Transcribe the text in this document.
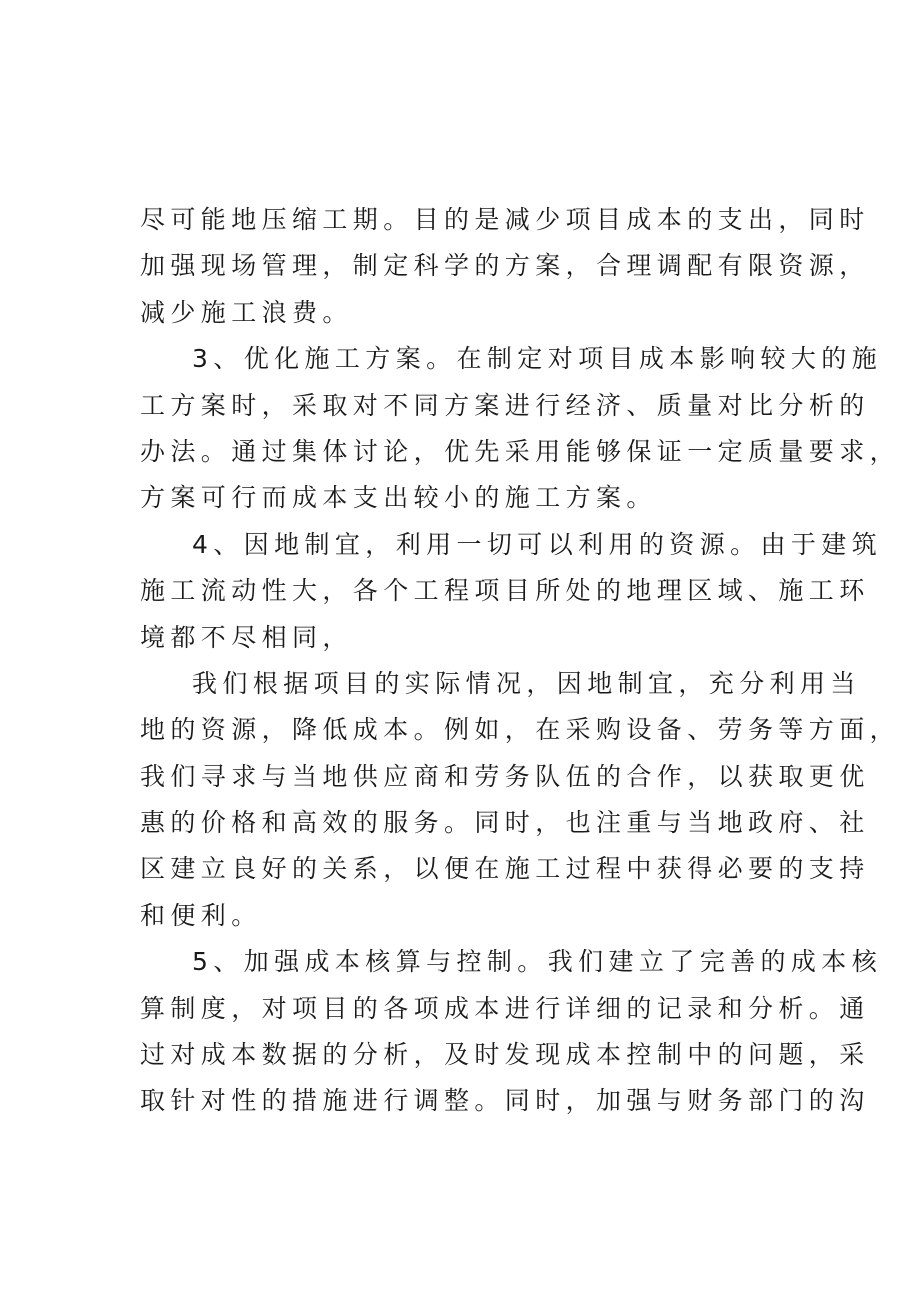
尽可能地压缩工期。目的是减少项目成本的支出，同时
加强现场管理，制定科学的方案，合理调配有限资源，
减少施工浪费。
3、优化施工方案。在制定对项目成本影响较大的施
工方案时，采取对不同方案进行经济、质量对比分析的
办法。通过集体讨论，优先采用能够保证一定质量要求，
方案可行而成本支出较小的施工方案。
4、因地制宜，利用一切可以利用的资源。由于建筑
施工流动性大，各个工程项目所处的地理区域、施工环
境都不尽相同，
我们根据项目的实际情况，因地制宜，充分利用当
地的资源，降低成本。例如，在采购设备、劳务等方面，
我们寻求与当地供应商和劳务队伍的合作，以获取更优
惠的价格和高效的服务。同时，也注重与当地政府、社
区建立良好的关系，以便在施工过程中获得必要的支持
和便利。
5、加强成本核算与控制。我们建立了完善的成本核
算制度，对项目的各项成本进行详细的记录和分析。通
过对成本数据的分析，及时发现成本控制中的问题，采
取针对性的措施进行调整。同时，加强与财务部门的沟
